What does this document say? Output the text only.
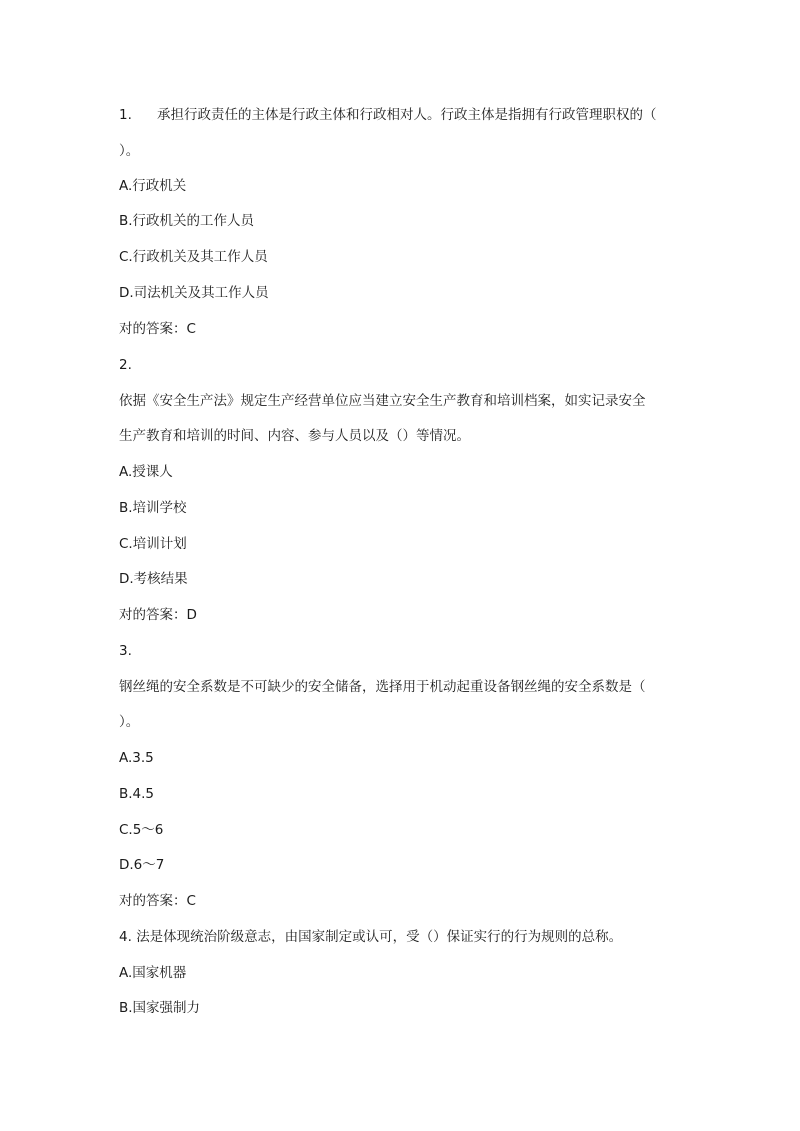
1. 承担行政责任的主体是行政主体和行政相对人。行政主体是指拥有行政管理职权的（
）。
A.行政机关
B.行政机关的工作人员
C.行政机关及其工作人员
D.司法机关及其工作人员
对的答案：C
2.
依据《安全生产法》规定生产经营单位应当建立安全生产教育和培训档案，如实记录安全
生产教育和培训的时间、内容、参与人员以及（）等情况。
A.授课人
B.培训学校
C.培训计划
D.考核结果
对的答案：D
3.
钢丝绳的安全系数是不可缺少的安全储备，选择用于机动起重设备钢丝绳的安全系数是（
）。
A.3.5
B.4.5
C.5～6
D.6～7
对的答案：C
4. 法是体现统治阶级意志，由国家制定或认可，受（）保证实行的行为规则的总称。
A.国家机器
B.国家强制力
